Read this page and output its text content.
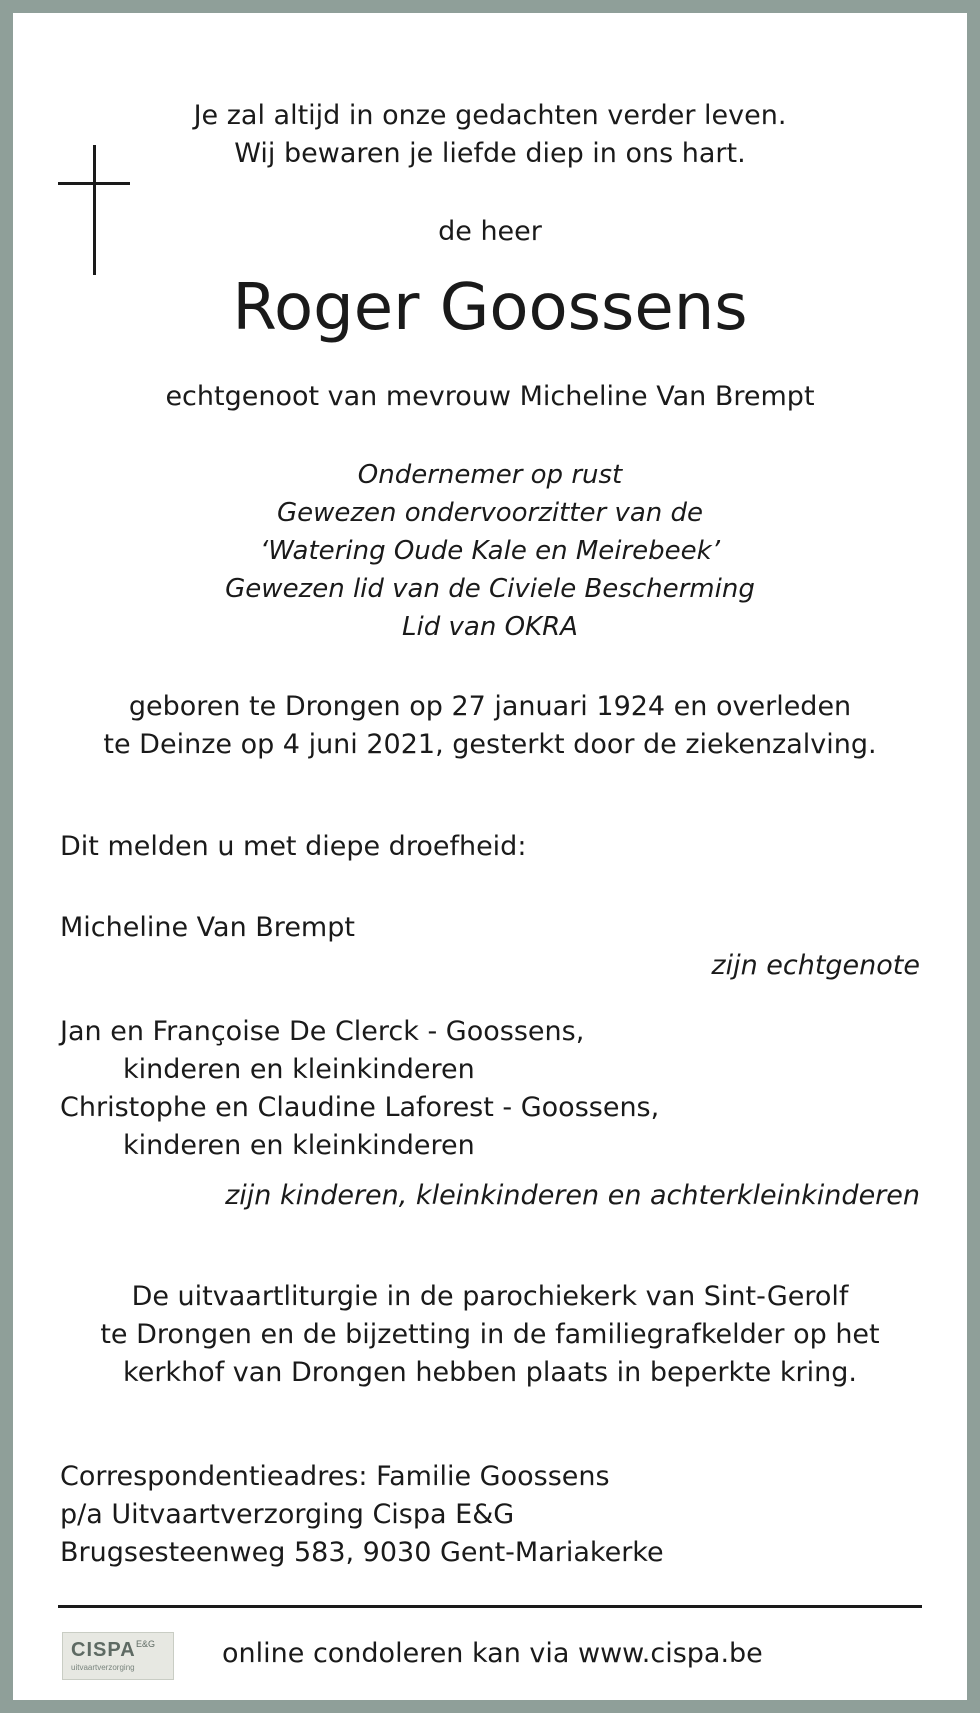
Je zal altijd in onze gedachten verder leven.
Wij bewaren je liefde diep in ons hart.
de heer
Roger Goossens
echtgenoot van mevrouw Micheline Van Brempt
Ondernemer op rust
Gewezen ondervoorzitter van de
‘Watering Oude Kale en Meirebeek’
Gewezen lid van de Civiele Bescherming
Lid van OKRA
geboren te Drongen op 27 januari 1924 en overleden
te Deinze op 4 juni 2021, gesterkt door de ziekenzalving.
Dit melden u met diepe droefheid:
Micheline Van Brempt
zijn echtgenote
Jan en Françoise De Clerck - Goossens,
kinderen en kleinkinderen
Christophe en Claudine Laforest - Goossens,
kinderen en kleinkinderen
zijn kinderen, kleinkinderen en achterkleinkinderen
De uitvaartliturgie in de parochiekerk van Sint-Gerolf
te Drongen en de bijzetting in de familiegrafkelder op het
kerkhof van Drongen hebben plaats in beperkte kring.
Correspondentieadres: Familie Goossens
p/a Uitvaartverzorging Cispa E&G
Brugsesteenweg 583, 9030 Gent-Mariakerke
CISPA E&G
uitvaartverzorging	online condoleren kan via www.cispa.be
